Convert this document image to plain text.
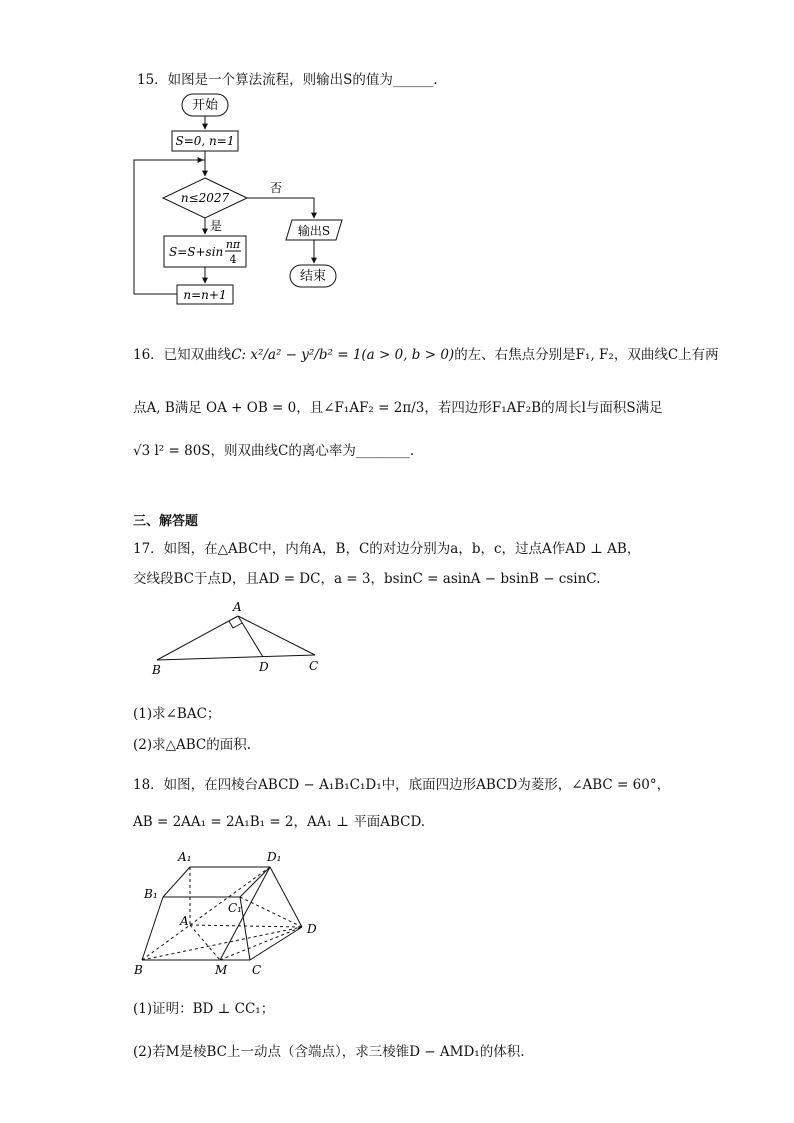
15．如图是一个算法流程，则输出S的值为______.
开始
S=0, n=1
n≤2027
是
S=S+sin
nπ
4
n=n+1
否
输出S
结束
16．已知双曲线C: x²/a² − y²/b² = 1(a > 0, b > 0)的左、右焦点分别是F₁, F₂，双曲线C上有两
点A, B满足 OA + OB = 0，且∠F₁AF₂ = 2π/3，若四边形F₁AF₂B的周长l与面积S满足
√3 l² = 80S，则双曲线C的离心率为________.
三、解答题
17．如图，在△ABC中，内角A，B，C的对边分别为a，b，c，过点A作AD ⊥ AB，
交线段BC于点D，且AD = DC，a = 3，bsinC = asinA − bsinB − csinC.
A
B	D	C
(1)求∠BAC；
(2)求△ABC的面积.
18．如图，在四棱台ABCD − A₁B₁C₁D₁中，底面四边形ABCD为菱形，∠ABC = 60°，
AB = 2AA₁ = 2A₁B₁ = 2，AA₁ ⊥ 平面ABCD.
A₁	D₁
B₁
C₁
A
D
B	M C
(1)证明：BD ⊥ CC₁；
(2)若M是棱BC上一动点（含端点），求三棱锥D − AMD₁的体积.
